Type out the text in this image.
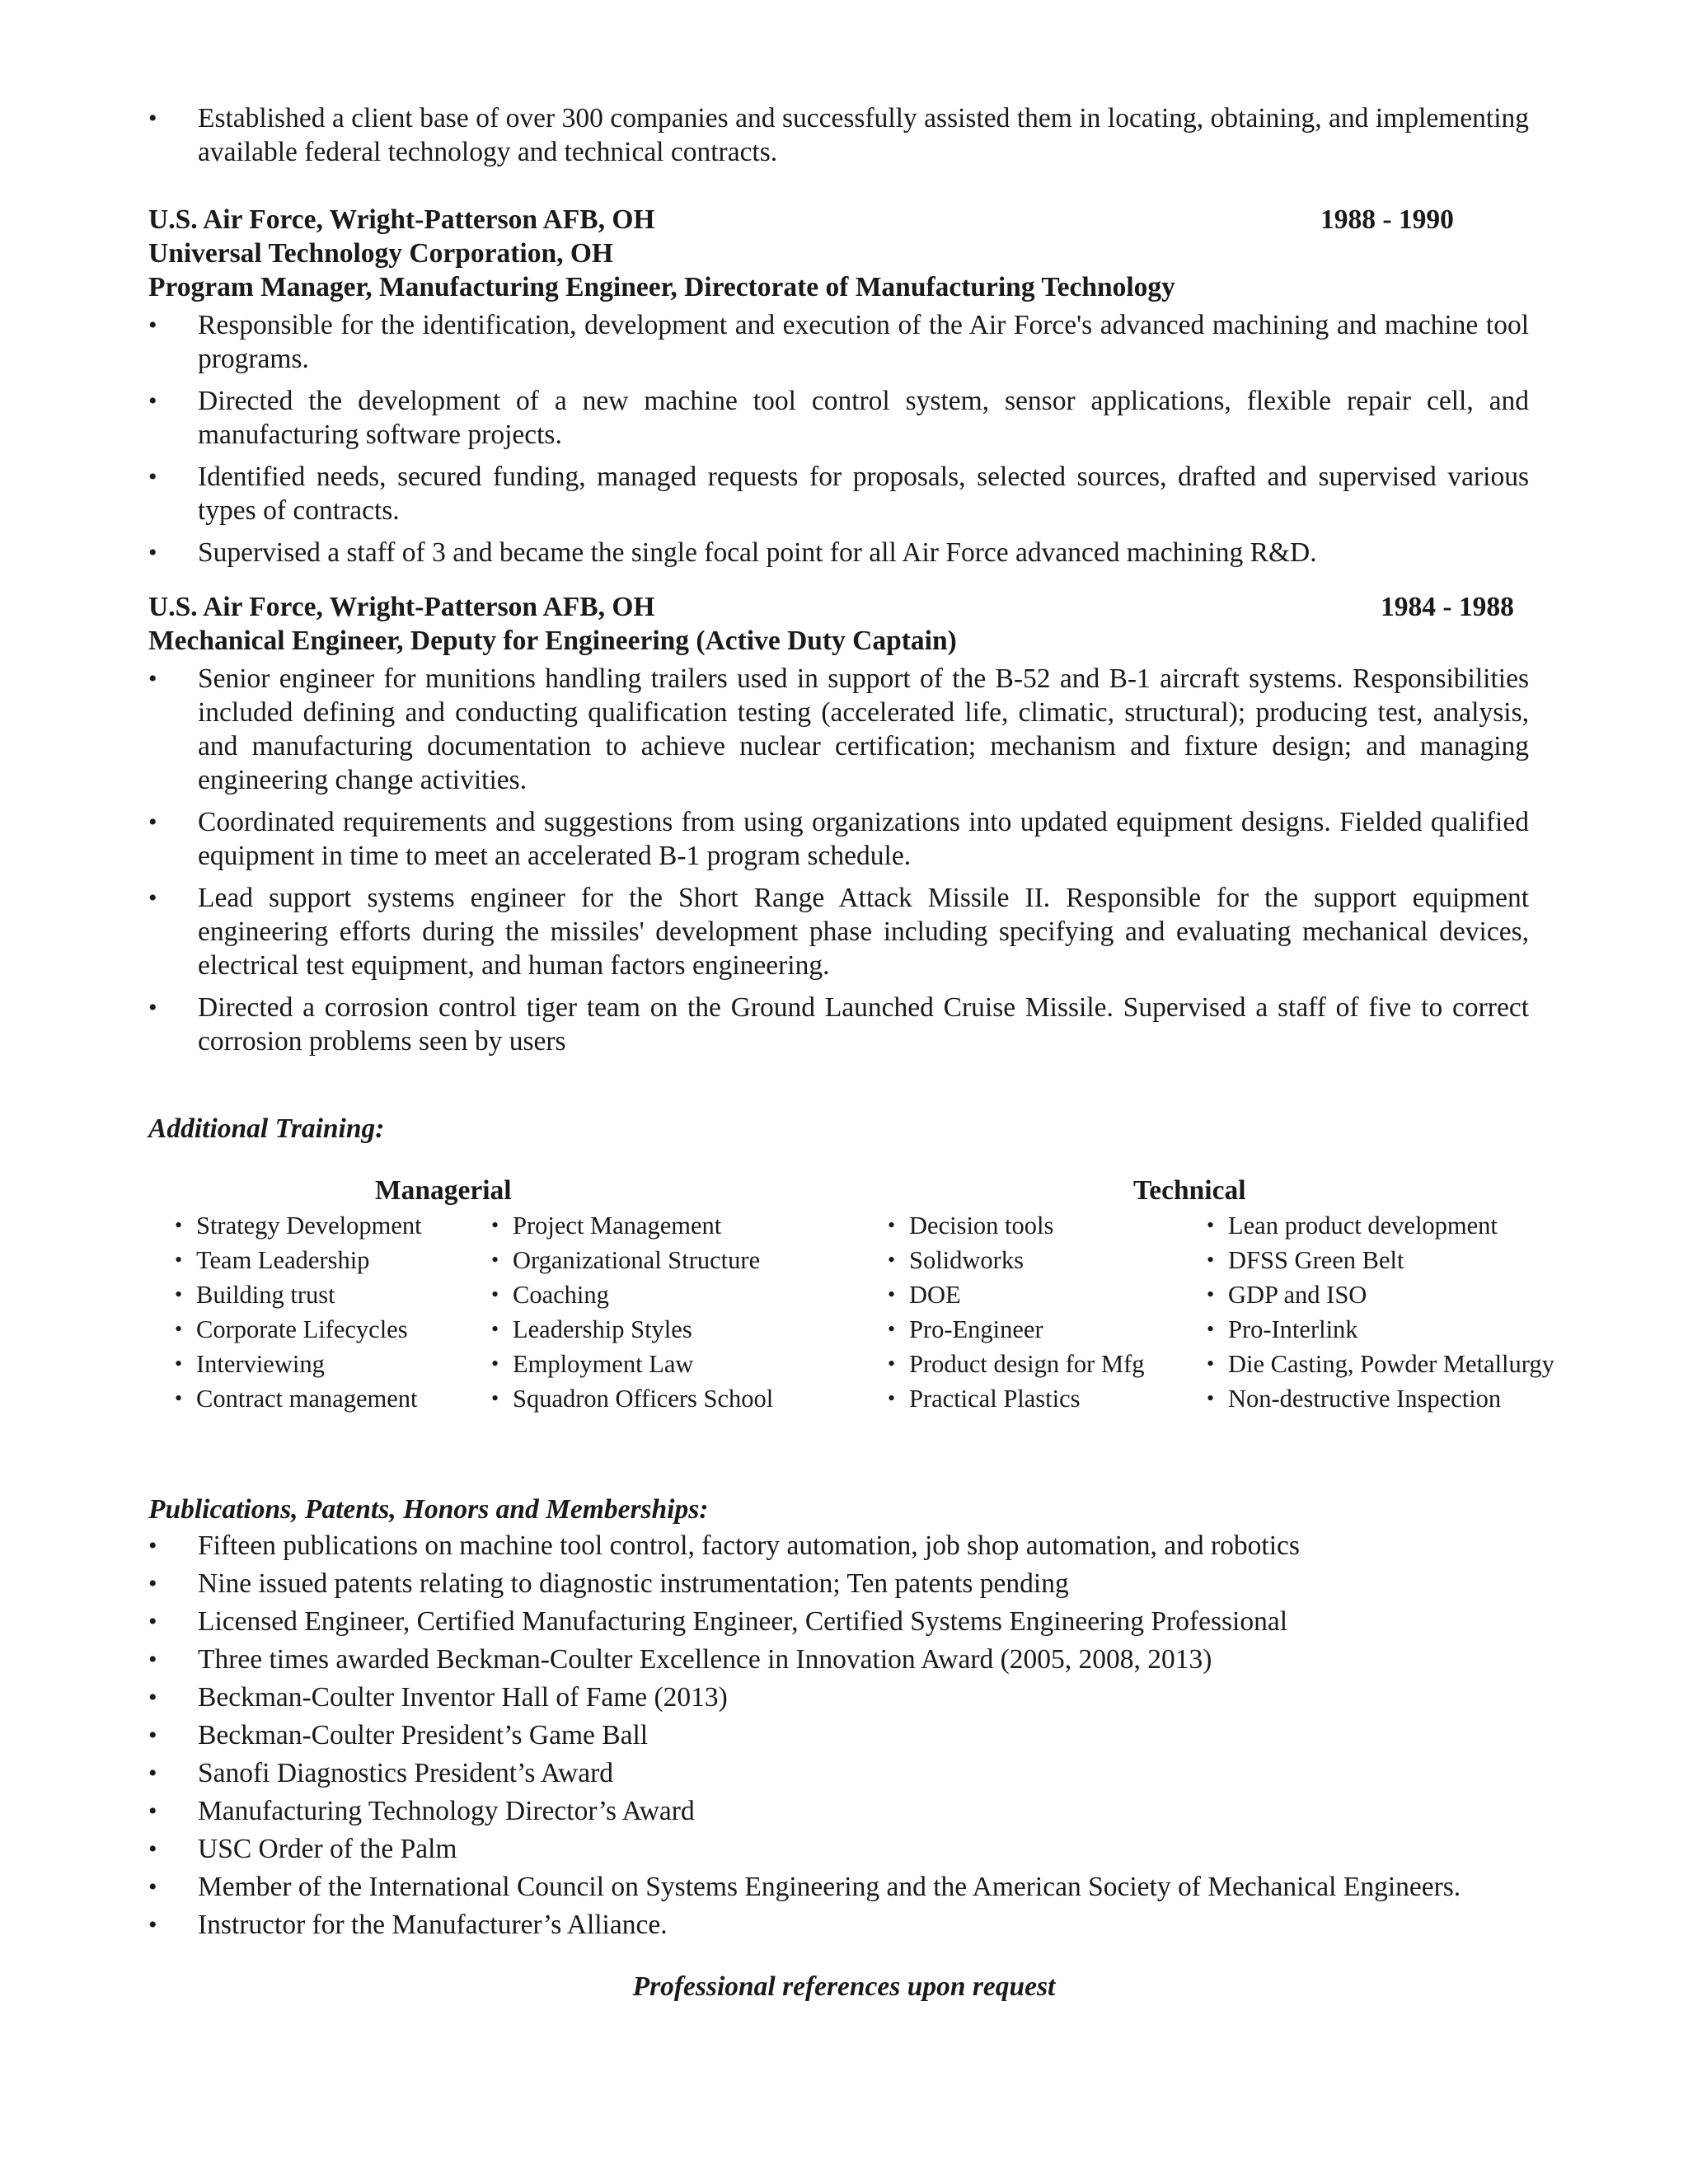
• Established a client base of over 300 companies and successfully assisted them in locating, obtaining, and implementing available federal technology and technical contracts.
U.S. Air Force, Wright-Patterson AFB, OH	1988 - 1990
Universal Technology Corporation, OH
Program Manager, Manufacturing Engineer, Directorate of Manufacturing Technology
• Responsible for the identification, development and execution of the Air Force's advanced machining and machine tool programs.
• Directed the development of a new machine tool control system, sensor applications, flexible repair cell, and manufacturing software projects.
• Identified needs, secured funding, managed requests for proposals, selected sources, drafted and supervised various types of contracts.
• Supervised a staff of 3 and became the single focal point for all Air Force advanced machining R&D.
U.S. Air Force, Wright-Patterson AFB, OH	1984 - 1988
Mechanical Engineer, Deputy for Engineering (Active Duty Captain)
• Senior engineer for munitions handling trailers used in support of the B-52 and B-1 aircraft systems. Responsibilities included defining and conducting qualification testing (accelerated life, climatic, structural); producing test, analysis, and manufacturing documentation to achieve nuclear certification; mechanism and fixture design; and managing engineering change activities.
• Coordinated requirements and suggestions from using organizations into updated equipment designs. Fielded qualified equipment in time to meet an accelerated B-1 program schedule.
• Lead support systems engineer for the Short Range Attack Missile II. Responsible for the support equipment engineering efforts during the missiles' development phase including specifying and evaluating mechanical devices, electrical test equipment, and human factors engineering.
• Directed a corrosion control tiger team on the Ground Launched Cruise Missile. Supervised a staff of five to correct corrosion problems seen by users
Additional Training:
Managerial	Technical
• Strategy Development
• Team Leadership
• Building trust
• Corporate Lifecycles
• Interviewing
• Contract management
• Project Management
• Organizational Structure
• Coaching
• Leadership Styles
• Employment Law
• Squadron Officers School
• Decision tools
• Solidworks
• DOE
• Pro-Engineer
• Product design for Mfg
• Practical Plastics
• Lean product development
• DFSS Green Belt
• GDP and ISO
• Pro-Interlink
• Die Casting, Powder Metallurgy
• Non-destructive Inspection
Publications, Patents, Honors and Memberships:
• Fifteen publications on machine tool control, factory automation, job shop automation, and robotics
• Nine issued patents relating to diagnostic instrumentation; Ten patents pending
• Licensed Engineer, Certified Manufacturing Engineer, Certified Systems Engineering Professional
• Three times awarded Beckman-Coulter Excellence in Innovation Award (2005, 2008, 2013)
• Beckman-Coulter Inventor Hall of Fame (2013)
• Beckman-Coulter President’s Game Ball
• Sanofi Diagnostics President’s Award
• Manufacturing Technology Director’s Award
• USC Order of the Palm
• Member of the International Council on Systems Engineering and the American Society of Mechanical Engineers.
• Instructor for the Manufacturer’s Alliance.
Professional references upon request
